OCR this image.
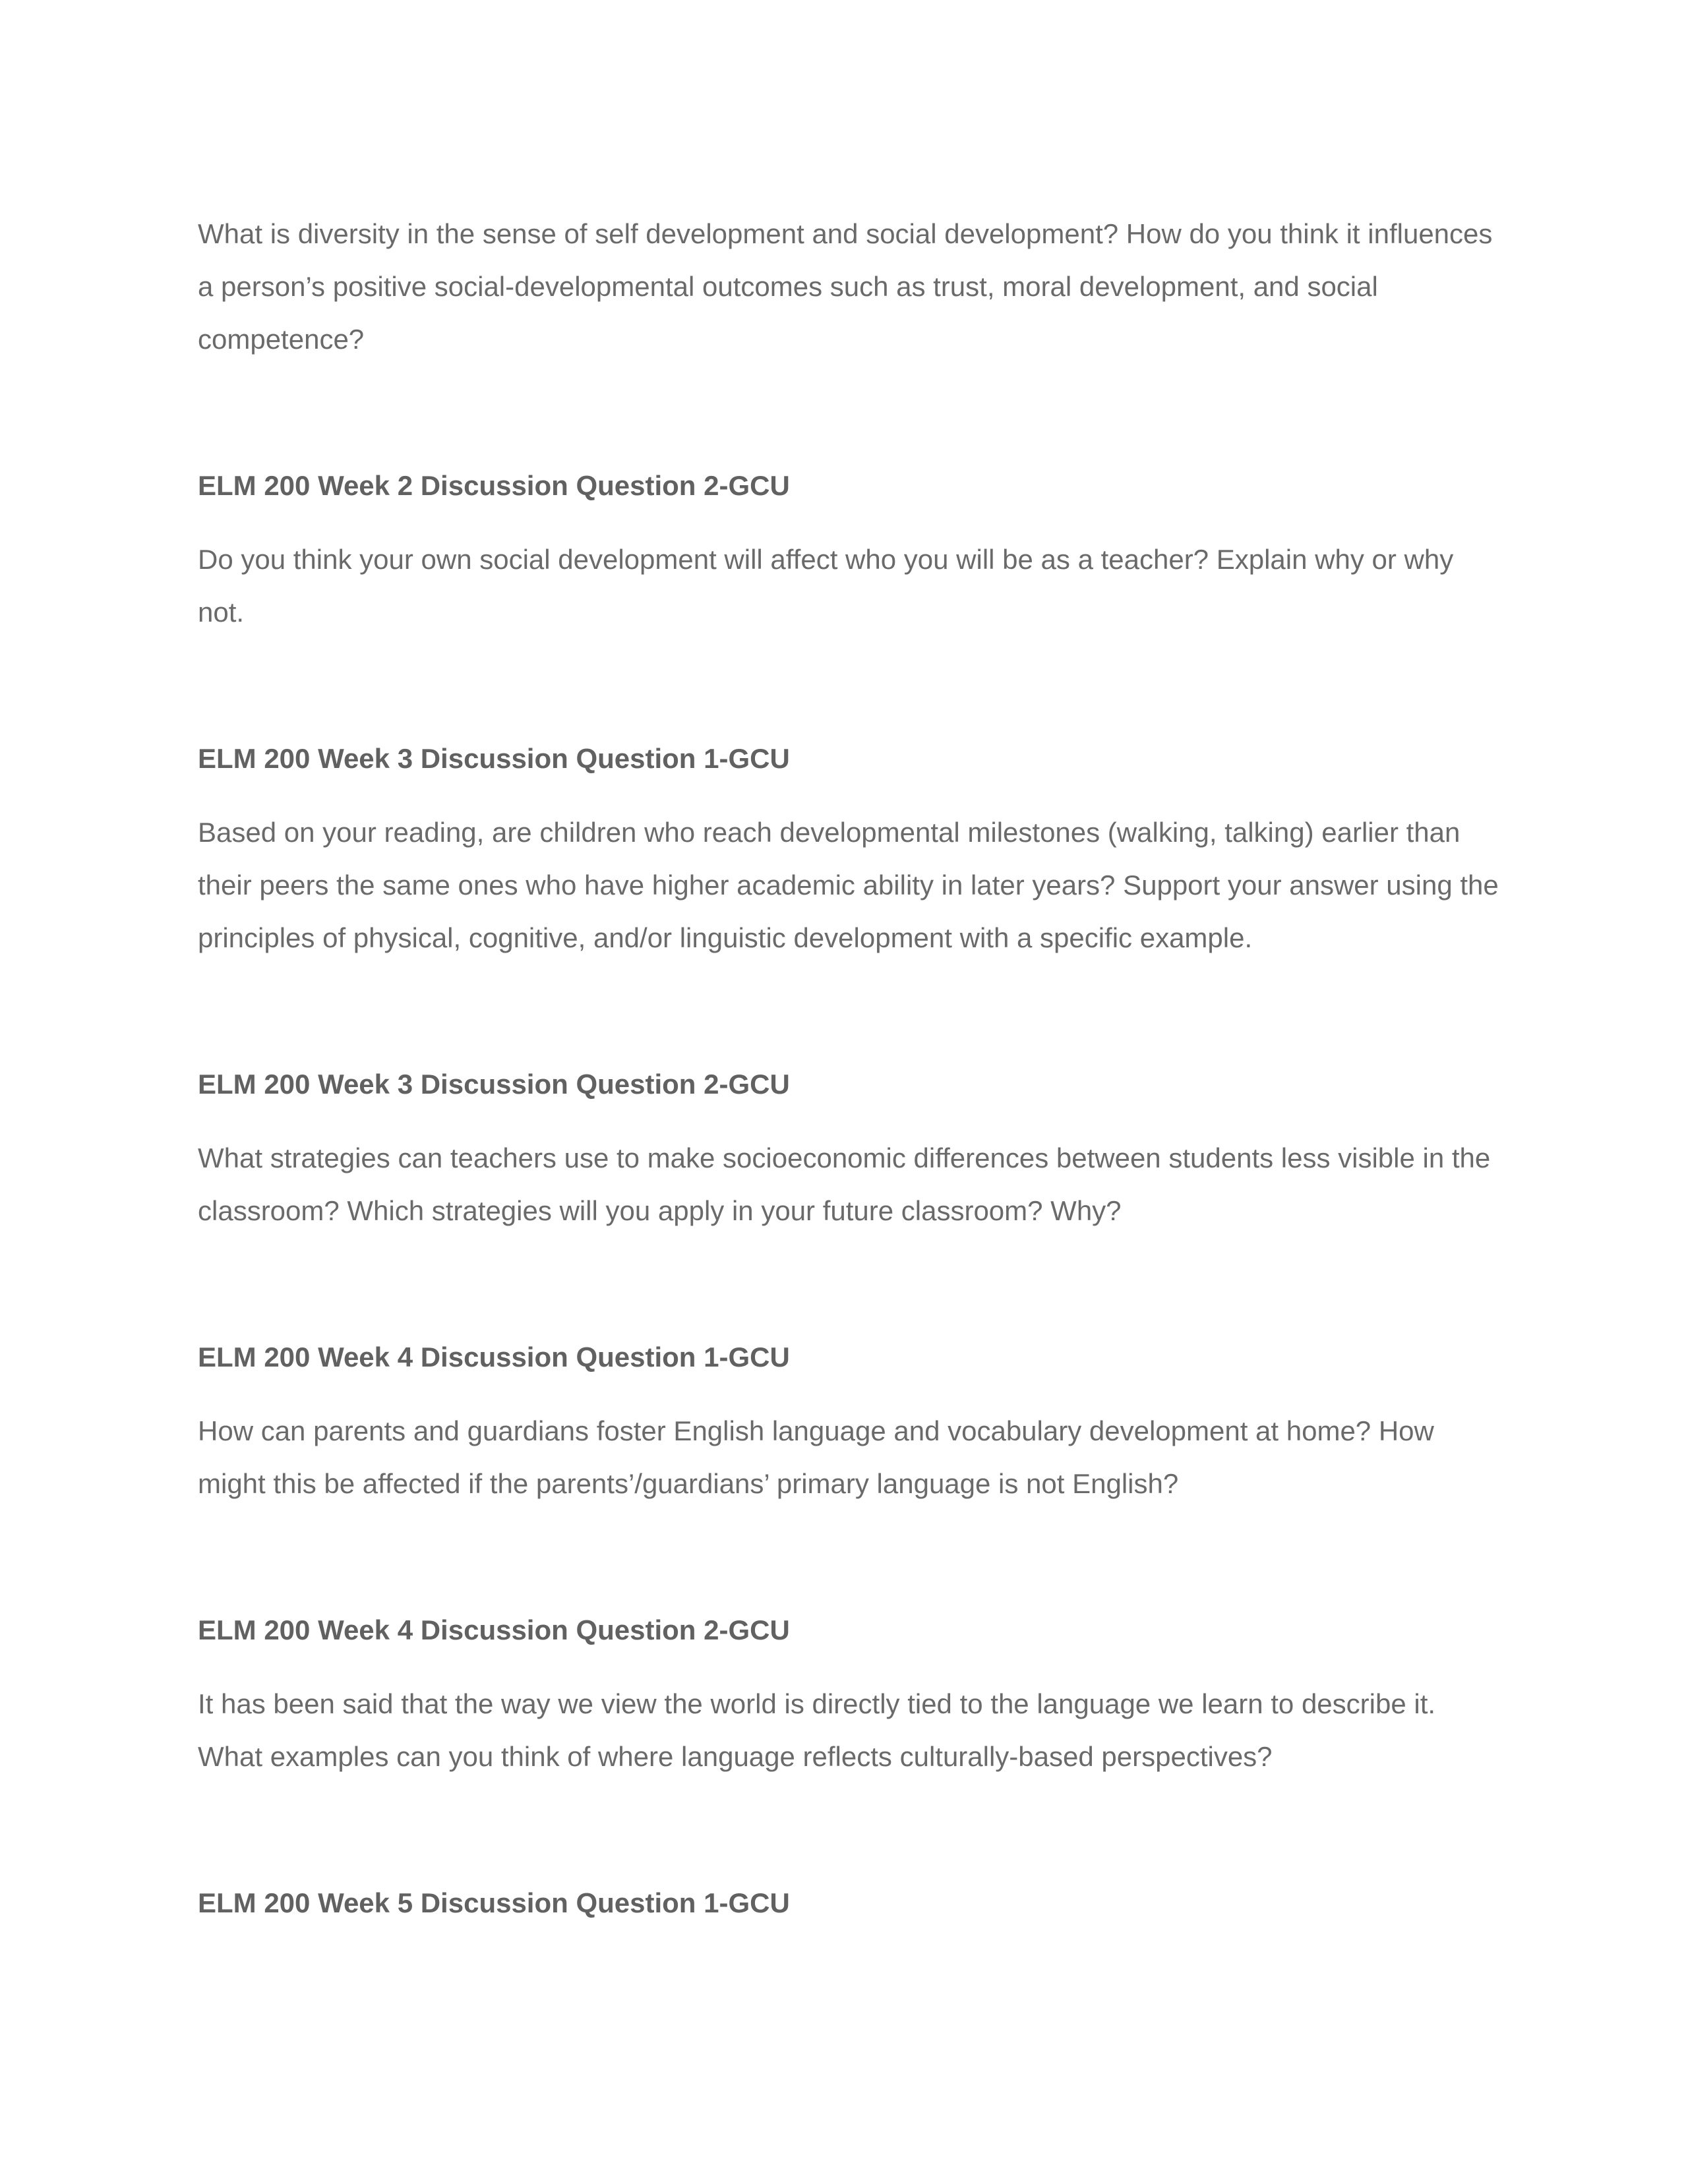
What is diversity in the sense of self development and social development? How do you think it influences a person’s positive social-developmental outcomes such as trust, moral development, and social competence?

ELM 200 Week 2 Discussion Question 2-GCU

Do you think your own social development will affect who you will be as a teacher? Explain why or why not.

ELM 200 Week 3 Discussion Question 1-GCU

Based on your reading, are children who reach developmental milestones (walking, talking) earlier than their peers the same ones who have higher academic ability in later years? Support your answer using the principles of physical, cognitive, and/or linguistic development with a specific example.

ELM 200 Week 3 Discussion Question 2-GCU

What strategies can teachers use to make socioeconomic differences between students less visible in the classroom? Which strategies will you apply in your future classroom? Why?

ELM 200 Week 4 Discussion Question 1-GCU

How can parents and guardians foster English language and vocabulary development at home? How might this be affected if the parents’/guardians’ primary language is not English?

ELM 200 Week 4 Discussion Question 2-GCU

It has been said that the way we view the world is directly tied to the language we learn to describe it. What examples can you think of where language reflects culturally-based perspectives?

ELM 200 Week 5 Discussion Question 1-GCU
